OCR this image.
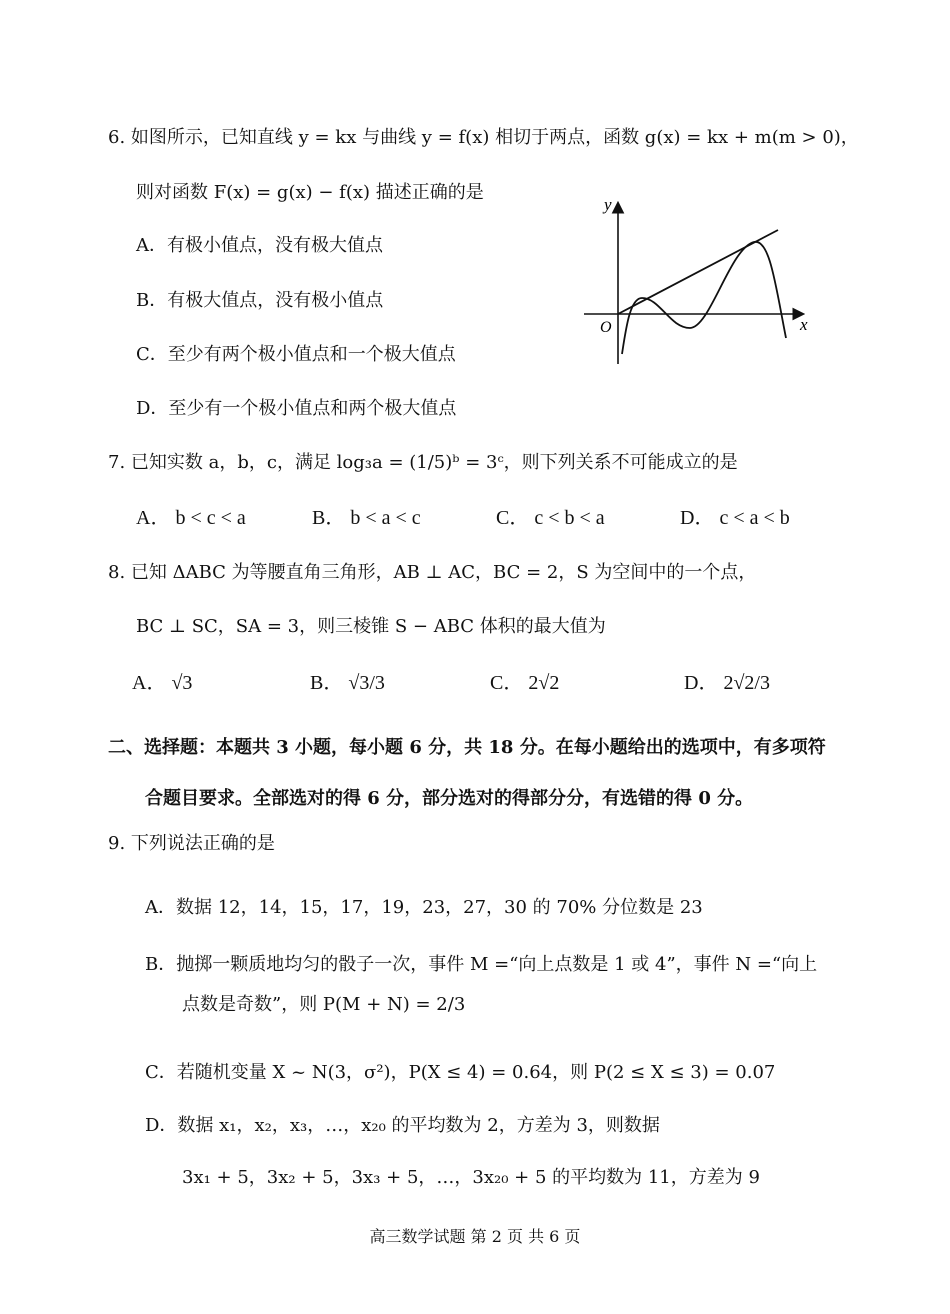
6. 如图所示，已知直线 y = kx 与曲线 y = f(x) 相切于两点，函数 g(x) = kx + m(m > 0)，
则对函数 F(x) = g(x) − f(x) 描述正确的是
A．有极小值点，没有极大值点
B．有极大值点，没有极小值点
C．至少有两个极小值点和一个极大值点
D．至少有一个极小值点和两个极大值点
y
x
O
7. 已知实数 a，b，c，满足 log₃a = (1/5)ᵇ = 3ᶜ，则下列关系不可能成立的是
A． b < c < a	B． b < a < c	C． c < b < a	D． c < a < b
8. 已知 ΔABC 为等腰直角三角形，AB ⊥ AC，BC = 2，S 为空间中的一个点，
BC ⊥ SC，SA = 3，则三棱锥 S − ABC 体积的最大值为
A． √3	B． √3/3	C． 2√2	D． 2√2/3
二、选择题：本题共 3 小题，每小题 6 分，共 18 分。在每小题给出的选项中，有多项符
合题目要求。全部选对的得 6 分，部分选对的得部分分，有选错的得 0 分。
9. 下列说法正确的是
A．数据 12，14，15，17，19，23，27，30 的 70% 分位数是 23
B．抛掷一颗质地均匀的骰子一次，事件 M =“向上点数是 1 或 4”，事件 N =“向上
点数是奇数”，则 P(M + N) = 2/3
C．若随机变量 X ~ N(3，σ²)，P(X ≤ 4) = 0.64，则 P(2 ≤ X ≤ 3) = 0.07
D．数据 x₁，x₂，x₃，…，x₂₀ 的平均数为 2，方差为 3，则数据
3x₁ + 5，3x₂ + 5，3x₃ + 5，…，3x₂₀ + 5 的平均数为 11，方差为 9
高三数学试题 第 2 页 共 6 页
